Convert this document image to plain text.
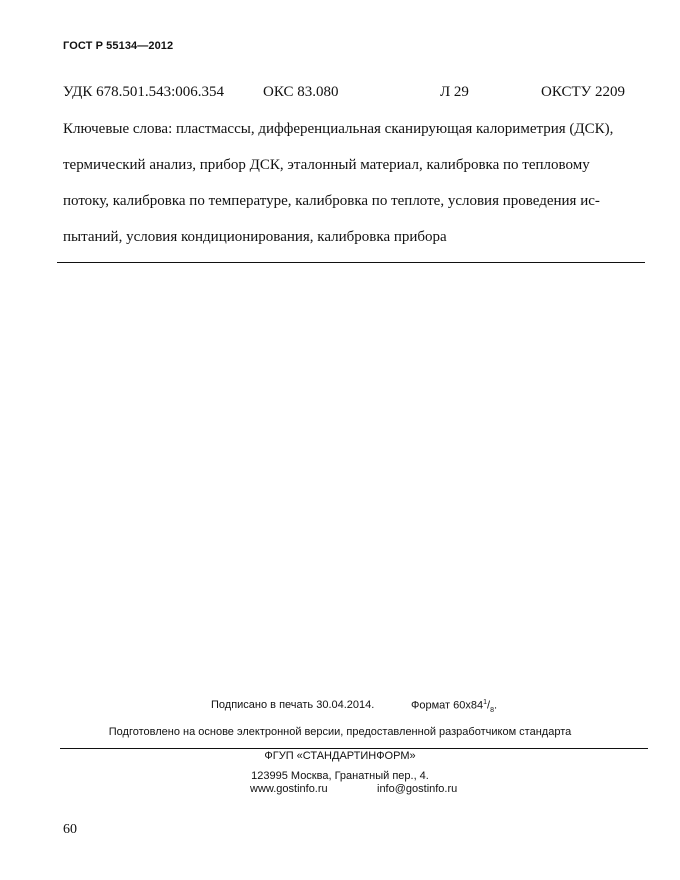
ГОСТ Р 55134—2012
УДК 678.501.543:006.354	ОКС 83.080	Л 29	ОКСТУ 2209
Ключевые слова: пластмассы, дифференциальная сканирующая калориметрия (ДСК),
термический анализ, прибор ДСК, эталонный материал, калибровка по тепловому
потоку, калибровка по температуре, калибровка по теплоте, условия проведения ис-
пытаний, условия кондиционирования, калибровка прибора
Подписано в печать 30.04.2014.	Формат $60х84^1/_8$.
Подготовлено на основе электронной версии, предоставленной разработчиком стандарта
ФГУП «СТАНДАРТИНФОРМ»
123995 Москва, Гранатный пер., 4.
www.gostinfo.ru	info@gostinfo.ru
60
